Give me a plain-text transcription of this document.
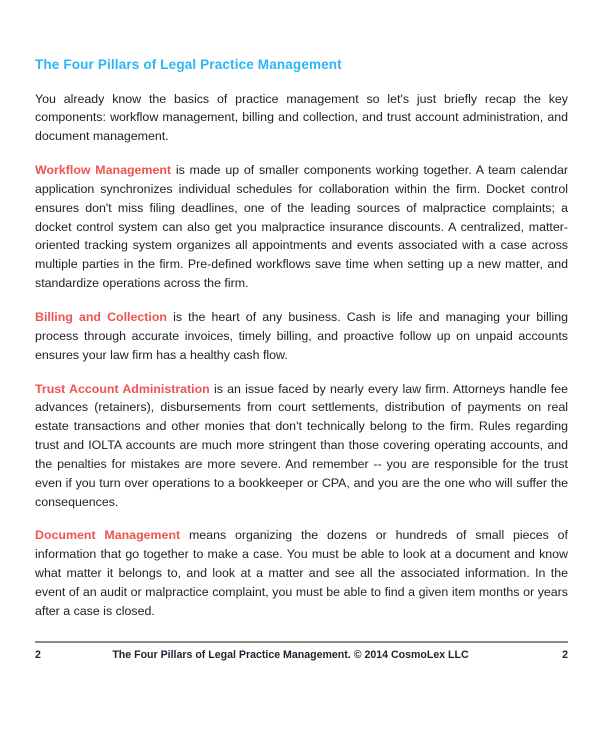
The Four Pillars of Legal Practice Management

You already know the basics of practice management so let's just briefly recap the key components: workflow management, billing and collection, and trust account administration, and document management.

Workflow Management is made up of smaller components working together. A team calendar application synchronizes individual schedules for collaboration within the firm. Docket control ensures don't miss filing deadlines, one of the leading sources of malpractice complaints; a docket control system can also get you malpractice insurance discounts. A centralized, matter-oriented tracking system organizes all appointments and events associated with a case across multiple parties in the firm. Pre-defined workflows save time when setting up a new matter, and standardize operations across the firm.

Billing and Collection is the heart of any business. Cash is life and managing your billing process through accurate invoices, timely billing, and proactive follow up on unpaid accounts ensures your law firm has a healthy cash flow.

Trust Account Administration is an issue faced by nearly every law firm. Attorneys handle fee advances (retainers), disbursements from court settlements, distribution of payments on real estate transactions and other monies that don't technically belong to the firm. Rules regarding trust and IOLTA accounts are much more stringent than those covering operating accounts, and the penalties for mistakes are more severe. And remember -- you are responsible for the trust even if you turn over operations to a bookkeeper or CPA, and you are the one who will suffer the consequences.

Document Management means organizing the dozens or hundreds of small pieces of information that go together to make a case. You must be able to look at a document and know what matter it belongs to, and look at a matter and see all the associated information. In the event of an audit or malpractice complaint, you must be able to find a given item months or years after a case is closed.

2	The Four Pillars of Legal Practice Management. © 2014 CosmoLex LLC	2
